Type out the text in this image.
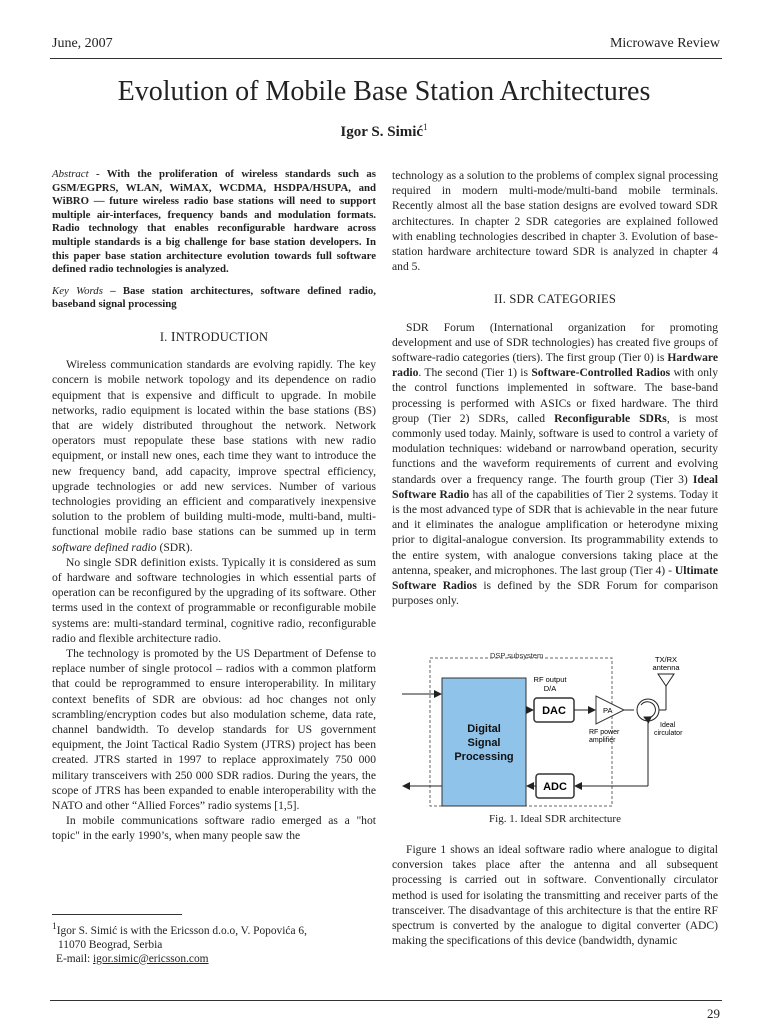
June, 2007	Microwave Review
Evolution of Mobile Base Station Architectures
Igor S. Simić$^1$

Abstract - With the proliferation of wireless standards such as GSM/EGPRS, WLAN, WiMAX, WCDMA, HSDPA/HSUPA, and WiBRO — future wireless radio base stations will need to support multiple air-interfaces, frequency bands and modulation formats. Radio technology that enables reconfigurable hardware across multiple standards is a big challenge for base station developers. In this paper base station architecture evolution towards full software defined radio technologies is analyzed.

Key Words – Base station architectures, software defined radio, baseband signal processing

I. INTRODUCTION

Wireless communication standards are evolving rapidly. The key concern is mobile network topology and its dependence on radio equipment that is expensive and difficult to upgrade. In mobile networks, radio equipment is located within the base stations (BS) that are widely distributed throughout the network. Network operators must repopulate these base stations with new radio equipment, or install new ones, each time they want to introduce the new frequency band, add capacity, improve spectral efficiency, upgrade technologies or add new services. Number of various technologies providing an efficient and comparatively inexpensive solution to the problem of building multi-mode, multi-band, multi-functional mobile radio base stations can be summed up in term software defined radio (SDR).

No single SDR definition exists. Typically it is considered as sum of hardware and software technologies in which essential parts of operation can be reconfigured by the upgrading of its software. Other terms used in the context of programmable or reconfigurable mobile systems are: multi-standard terminal, cognitive radio, reconfigurable radio and flexible architecture radio.

The technology is promoted by the US Department of Defense to replace number of single protocol – radios with a common platform that could be reprogrammed to ensure interoperability. In military context benefits of SDR are obvious: ad hoc changes not only scrambling/encryption codes but also modulation scheme, data rate, channel bandwidth. To develop standards for US government equipment, the Joint Tactical Radio System (JTRS) project has been created. JTRS started in 1997 to replace approximately 750 000 military transceivers with 250 000 SDR radios. During the years, the scope of JTRS has been expanded to enable interoperability with the NATO and other “Allied Forces” radio systems [1,5].

In mobile communications software radio emerged as a "hot topic" in the early 1990’s, when many people saw the

technology as a solution to the problems of complex signal processing required in modern multi-mode/multi-band mobile terminals. Recently almost all the base station designs are evolved toward SDR architectures. In chapter 2 SDR categories are explained followed with enabling technologies described in chapter 3. Evolution of base-station hardware architecture toward SDR is analyzed in chapter 4 and 5.

II. SDR CATEGORIES

SDR Forum (International organization for promoting development and use of SDR technologies) has created five groups of software-radio categories (tiers). The first group (Tier 0) is Hardware radio. The second (Tier 1) is Software-Controlled Radios with only the control functions implemented in software. The base-band processing is performed with ASICs or fixed hardware. The third group (Tier 2) SDRs, called Reconfigurable SDRs, is most commonly used today. Mainly, software is used to control a variety of modulation techniques: wideband or narrowband operation, security functions and the waveform requirements of current and evolving standards over a frequency range. The fourth group (Tier 3) Ideal Software Radio has all of the capabilities of Tier 2 systems. Today it is the most advanced type of SDR that is achievable in the near future and it eliminates the analogue amplification or heterodyne mixing prior to digital-analogue conversion. Its programmability extends to the entire system, with analogue conversions taking place at the antenna, speaker, and microphones. The last group (Tier 4) - Ultimate Software Radios is defined by the SDR Forum for comparison purposes only.

DSP subsystem
Digital
Signal
Processing
RF output
D/A
DAC	PA
RF power
amplifier
Ideal
circulator
TX/RX
antenna
ADC
Fig. 1. Ideal SDR architecture
Figure 1 shows an ideal software radio where analogue to digital conversion takes place after the antenna and all subsequent processing is carried out in software. Conventionally circulator method is used for isolating the transmitting and receiver parts of the transceiver. The disadvantage of this architecture is that the entire RF spectrum is converted by the analogue to digital converter (ADC) making the specifications of this device (bandwidth, dynamic
$^1$Igor S. Simić is with the Ericsson d.o.o, V. Popovića 6,
11070 Beograd, Serbia
E-mail: igor.simic@ericsson.com
29
